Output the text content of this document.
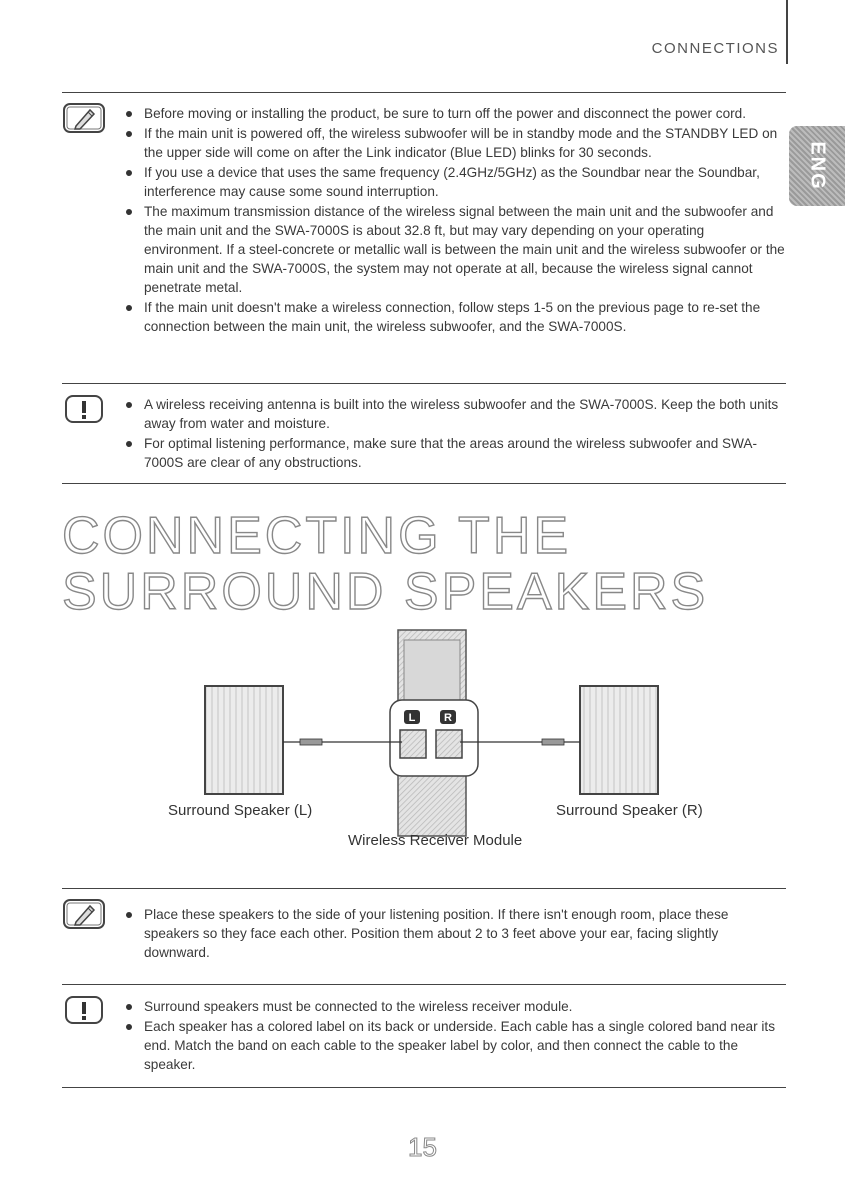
CONNECTIONS
ENG
Before moving or installing the product, be sure to turn off the power and disconnect the power cord.
If the main unit is powered off, the wireless subwoofer will be in standby mode and the STANDBY LED on the upper side will come on after the Link indicator (Blue LED) blinks for 30 seconds.
If you use a device that uses the same frequency (2.4GHz/5GHz) as the Soundbar near the Soundbar, interference may cause some sound interruption.
The maximum transmission distance of the wireless signal between the main unit and the subwoofer and the main unit and the SWA-7000S is about 32.8 ft, but may vary depending on your operating environment. If a steel-concrete or metallic wall is between the main unit and the wireless subwoofer or the main unit and the SWA-7000S, the system may not operate at all, because the wireless signal cannot penetrate metal.
If the main unit doesn't make a wireless connection, follow steps 1-5 on the previous page to re-set the connection between the main unit, the wireless subwoofer, and the SWA-7000S.
A wireless receiving antenna is built into the wireless subwoofer and the SWA-7000S. Keep the both units away from water and moisture.
For optimal listening performance, make sure that the areas around the wireless subwoofer and SWA-7000S are clear of any obstructions.
CONNECTING THE SURROUND SPEAKERS
L	R
Surround Speaker (L)	Surround Speaker (R)
Wireless Receiver Module
Place these speakers to the side of your listening position. If there isn't enough room, place these speakers so they face each other. Position them about 2 to 3 feet above your ear, facing slightly downward.
Surround speakers must be connected to the wireless receiver module.
Each speaker has a colored label on its back or underside. Each cable has a single colored band near its end. Match the band on each cable to the speaker label by color, and then connect the cable to the speaker.
15
